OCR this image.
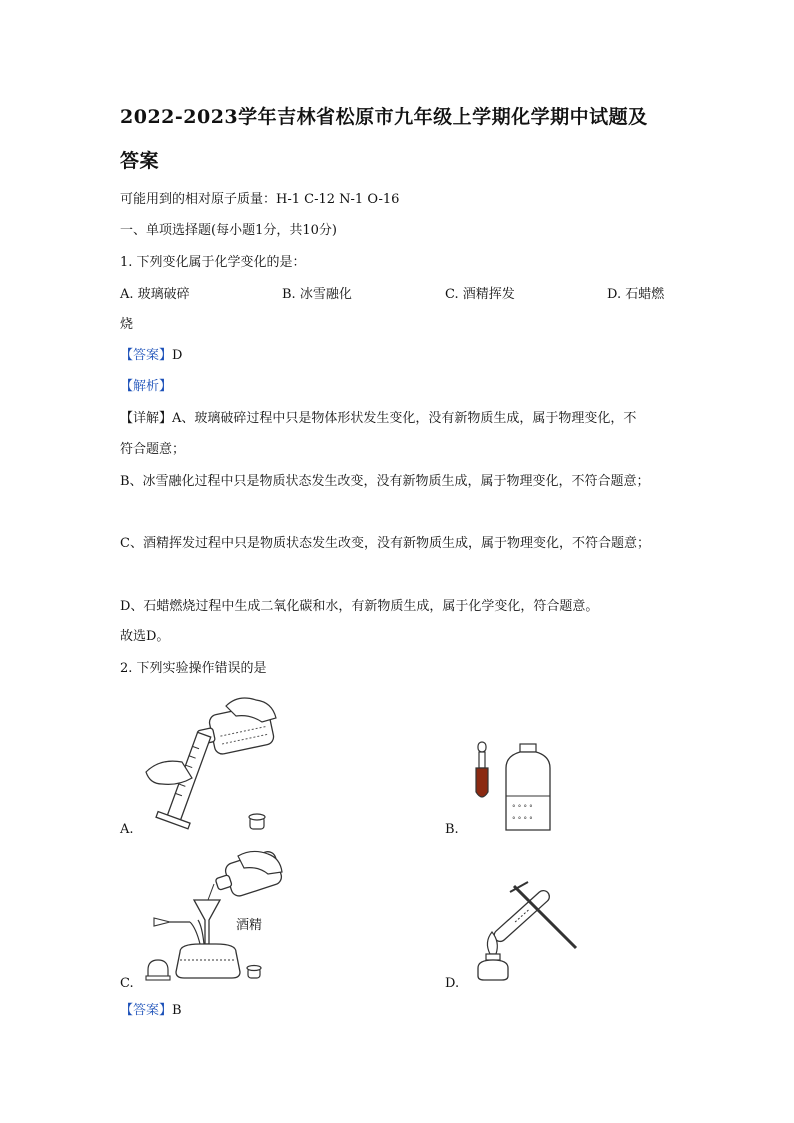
2022-2023学年吉林省松原市九年级上学期化学期中试题及
答案
可能用到的相对原子质量：H-1 C-12 N-1 O-16
一、单项选择题(每小题1分，共10分)
1. 下列变化属于化学变化的是：
A. 玻璃破碎	B. 冰雪融化	C. 酒精挥发	D. 石蜡燃
烧
【答案】D
【解析】
【详解】A、玻璃破碎过程中只是物体形状发生变化，没有新物质生成，属于物理变化，不
符合题意；
B、冰雪融化过程中只是物质状态发生改变，没有新物质生成，属于物理变化，不符合题意；
C、酒精挥发过程中只是物质状态发生改变，没有新物质生成，属于物理变化，不符合题意；
D、石蜡燃烧过程中生成二氧化碳和水，有新物质生成，属于化学变化，符合题意。
故选D。
2. 下列实验操作错误的是
A.
° ° ° °
° ° ° °
B.
酒精
C.	D.
【答案】B
